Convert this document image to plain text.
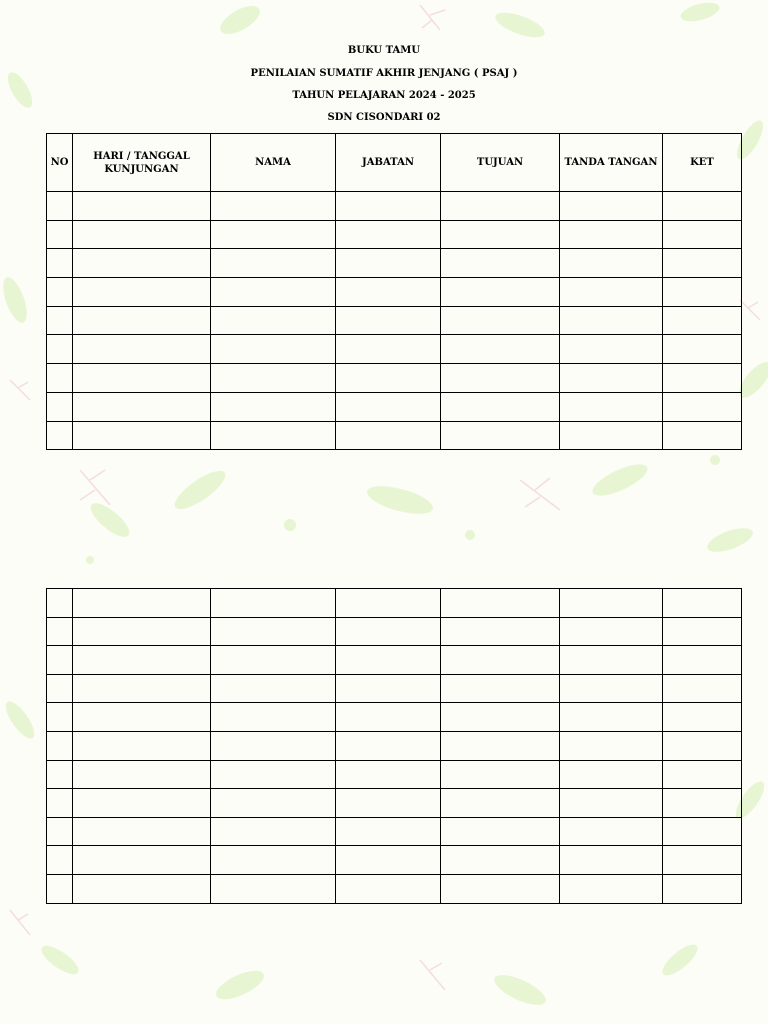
BUKU TAMU
PENILAIAN SUMATIF AKHIR JENJANG ( PSAJ )
TAHUN PELAJARAN 2024 - 2025
SDN CISONDARI 02
NO	HARI / TANGGAL KUNJUNGAN	NAMA	JABATAN	TUJUAN	TANDA TANGAN	KET
